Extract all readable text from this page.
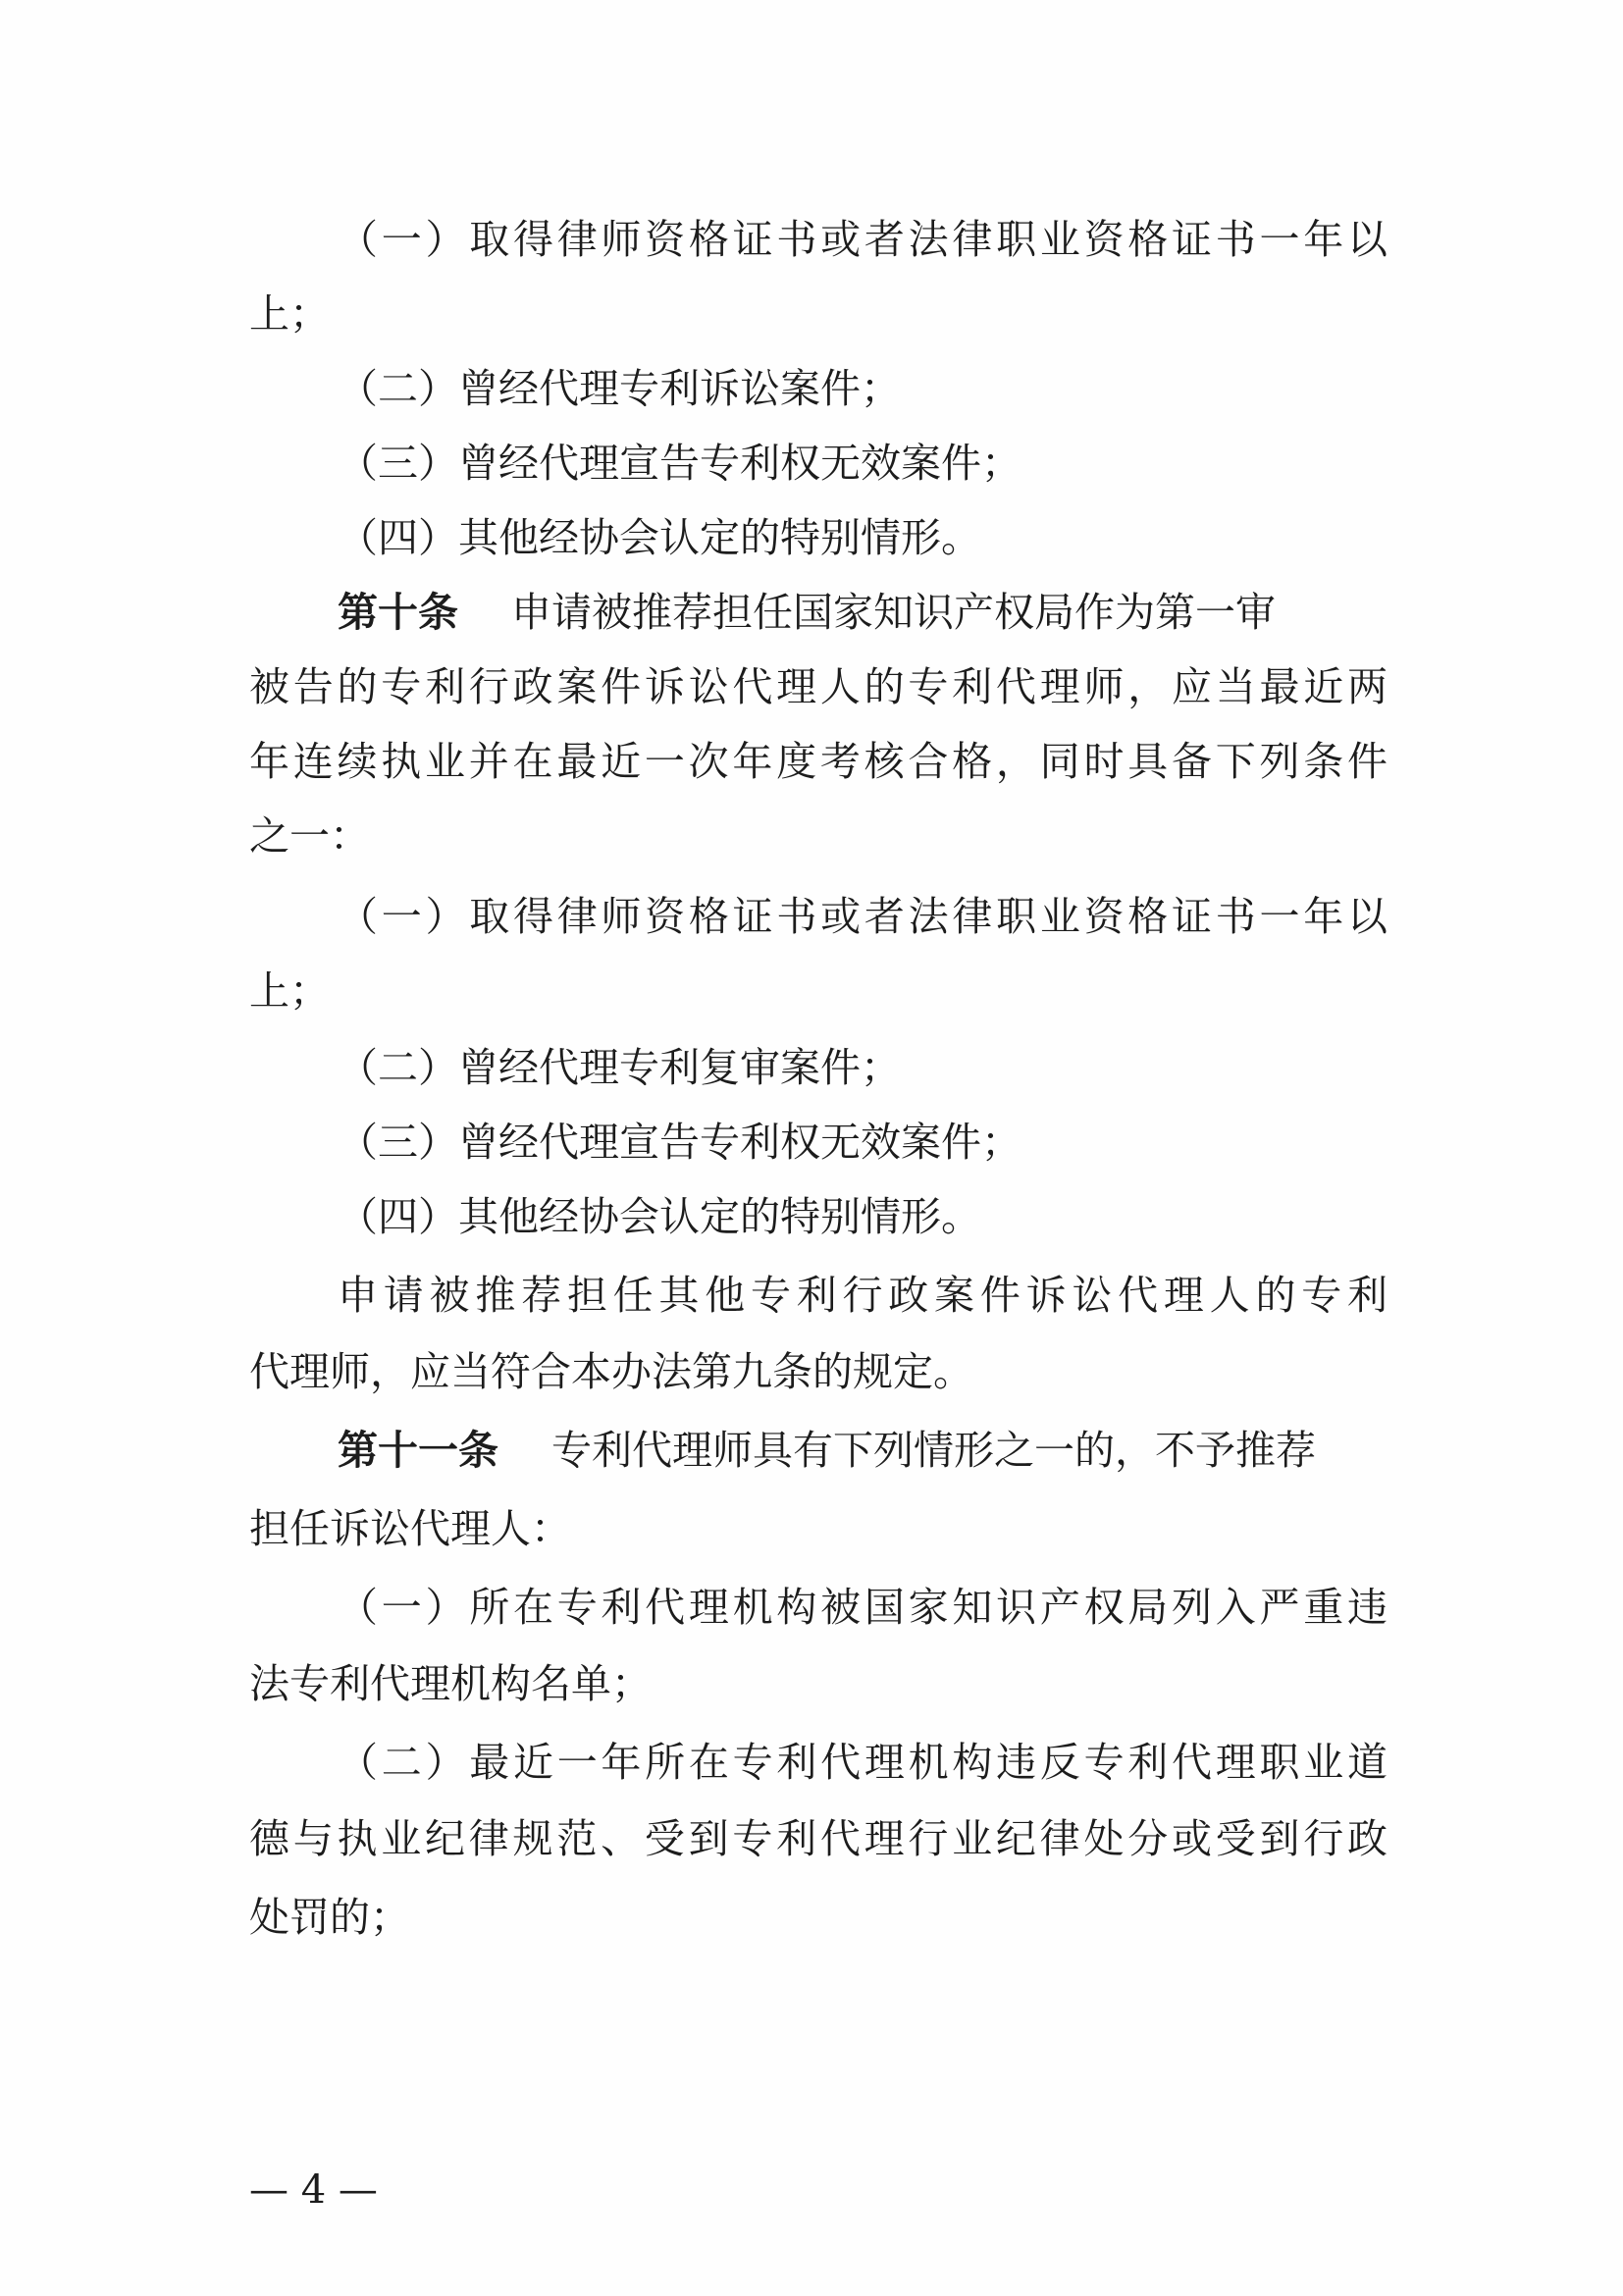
（一）取得律师资格证书或者法律职业资格证书一年以
上；
（二）曾经代理专利诉讼案件；
（三）曾经代理宣告专利权无效案件；
（四）其他经协会认定的特别情形。
第十条 申请被推荐担任国家知识产权局作为第一审
被告的专利行政案件诉讼代理人的专利代理师，应当最近两
年连续执业并在最近一次年度考核合格，同时具备下列条件
之一：
（一）取得律师资格证书或者法律职业资格证书一年以
上；
（二）曾经代理专利复审案件；
（三）曾经代理宣告专利权无效案件；
（四）其他经协会认定的特别情形。
申请被推荐担任其他专利行政案件诉讼代理人的专利
代理师，应当符合本办法第九条的规定。
第十一条 专利代理师具有下列情形之一的，不予推荐
担任诉讼代理人：
（一）所在专利代理机构被国家知识产权局列入严重违
法专利代理机构名单；
（二）最近一年所在专利代理机构违反专利代理职业道
德与执业纪律规范、受到专利代理行业纪律处分或受到行政
处罚的；
— 4 —
